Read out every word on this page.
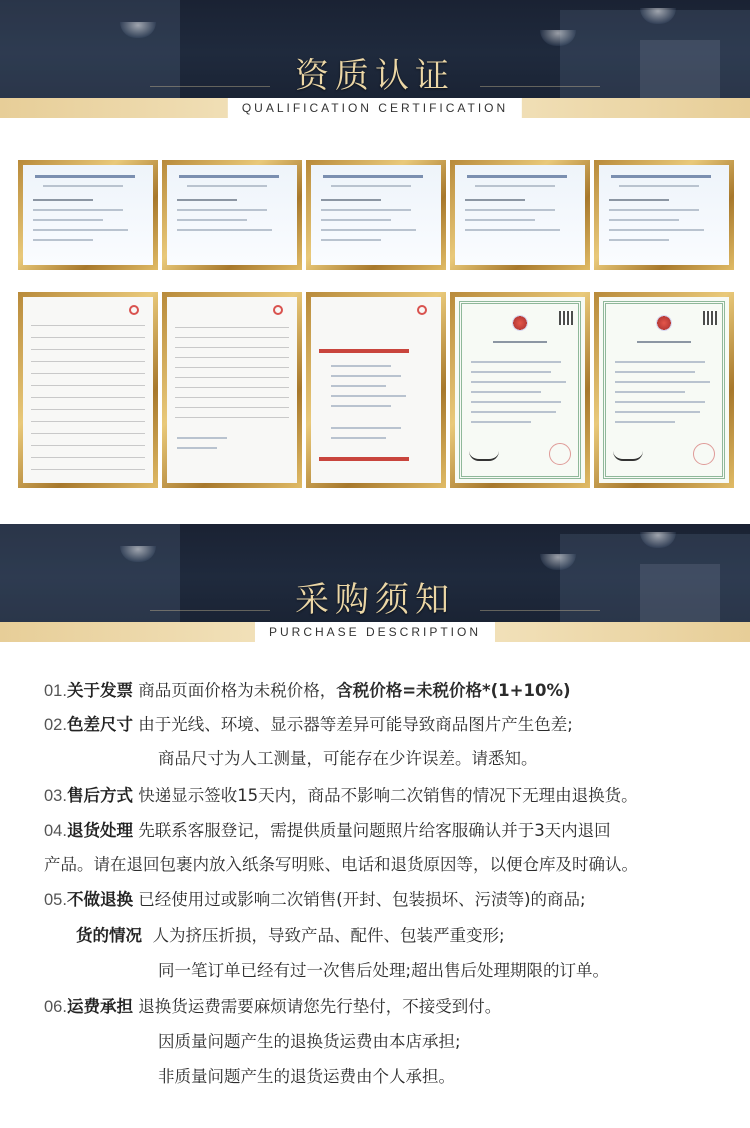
资质认证
QUALIFICATION CERTIFICATION
采购须知
PURCHASE DESCRIPTION
01.关于发票 商品页面价格为未税价格，含税价格=未税价格*(1+10%)
02.色差尺寸 由于光线、环境、显示器等差异可能导致商品图片产生色差;
商品尺寸为人工测量，可能存在少许误差。请悉知。
03.售后方式 快递显示签收15天内，商品不影响二次销售的情况下无理由退换货。
04.退货处理 先联系客服登记，需提供质量问题照片给客服确认并于3天内退回
产品。请在退回包裹内放入纸条写明账、电话和退货原因等，以便仓库及时确认。
05.不做退换 已经使用过或影响二次销售(开封、包装损坏、污渍等)的商品;
货的情况 人为挤压折损，导致产品、配件、包装严重变形;
同一笔订单已经有过一次售后处理;超出售后处理期限的订单。
06.运费承担 退换货运费需要麻烦请您先行垫付，不接受到付。
因质量问题产生的退换货运费由本店承担;
非质量问题产生的退货运费由个人承担。
